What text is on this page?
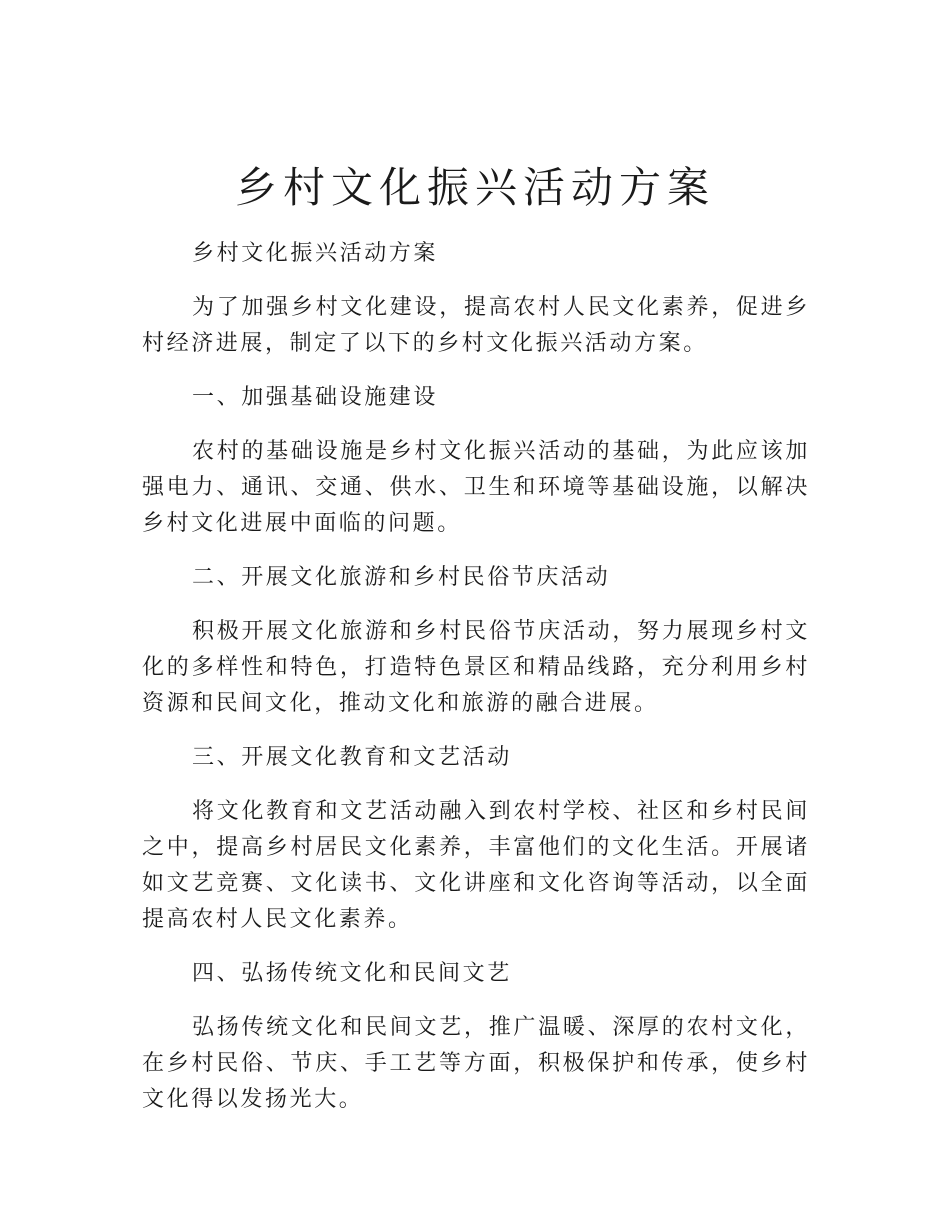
乡村文化振兴活动方案

乡村文化振兴活动方案

为了加强乡村文化建设，提高农村人民文化素养，促进乡村经济进展，制定了以下的乡村文化振兴活动方案。

一、加强基础设施建设

农村的基础设施是乡村文化振兴活动的基础，为此应该加强电力、通讯、交通、供水、卫生和环境等基础设施，以解决乡村文化进展中面临的问题。

二、开展文化旅游和乡村民俗节庆活动

积极开展文化旅游和乡村民俗节庆活动，努力展现乡村文化的多样性和特色，打造特色景区和精品线路，充分利用乡村资源和民间文化，推动文化和旅游的融合进展。

三、开展文化教育和文艺活动

将文化教育和文艺活动融入到农村学校、社区和乡村民间之中，提高乡村居民文化素养，丰富他们的文化生活。开展诸如文艺竞赛、文化读书、文化讲座和文化咨询等活动，以全面提高农村人民文化素养。

四、弘扬传统文化和民间文艺

弘扬传统文化和民间文艺，推广温暖、深厚的农村文化，在乡村民俗、节庆、手工艺等方面，积极保护和传承，使乡村文化得以发扬光大。
